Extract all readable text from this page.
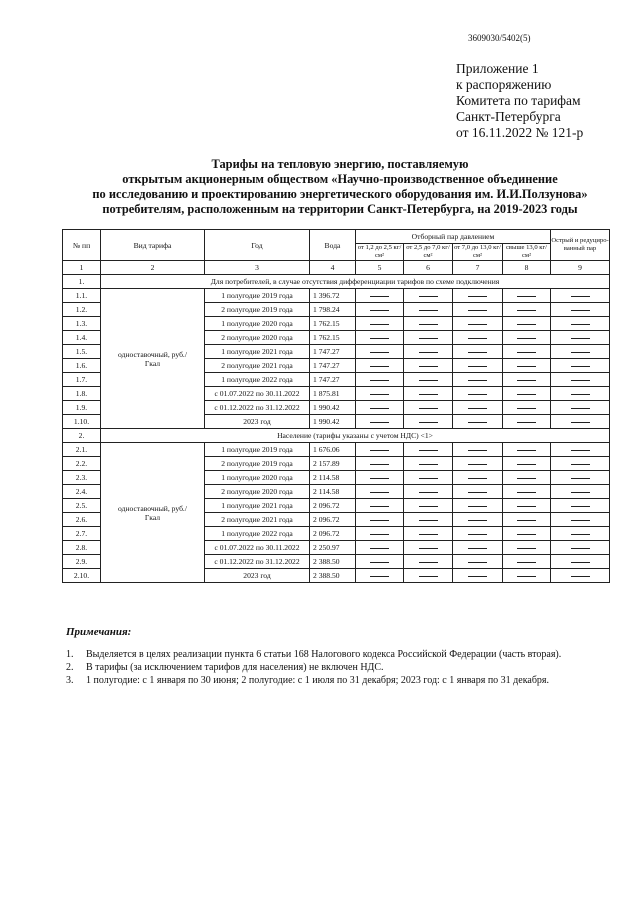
3609030/5402(5)
Приложение 1
к распоряжению
Комитета по тарифам
Санкт-Петербурга
от 16.11.2022 № 121-р
Тарифы на тепловую энергию, поставляемую
открытым акционерным обществом «Научно-производственное объединение
по исследованию и проектированию энергетического оборудования им. И.И.Ползунова»
потребителям, расположенным на территории Санкт-Петербурга, на 2019-2023 годы
№ пп	Вид тарифа	Год	Вода	Отборный пар давлением				Острый и редуциро-ванный пар
				от 1,2 до 2,5 кг/см²	от 2,5 до 7,0 кг/см²	от 7,0 до 13,0 кг/см²	свыше 13,0 кг/см²	
1	2	3	4	5	6	7	8	9
1.	Для потребителей, в случае отсутствия дифференциации тарифов по схеме подключения							
1.1.	одноставочный, руб./Гкал	1 полугодие 2019 года	1 396.72					
1.2.		2 полугодие 2019 года	1 798.24					
1.3.		1 полугодие 2020 года	1 762.15					
1.4.		2 полугодие 2020 года	1 762.15					
1.5.		1 полугодие 2021 года	1 747.27					
1.6.		2 полугодие 2021 года	1 747.27					
1.7.		1 полугодие 2022 года	1 747.27					
1.8.		с 01.07.2022 по 30.11.2022	1 875.81					
1.9.		с 01.12.2022 по 31.12.2022	1 990.42					
1.10.		2023 год	1 990.42					
2.	Население (тарифы указаны с учетом НДС) <1>							
2.1.	одноставочный, руб./Гкал	1 полугодие 2019 года	1 676.06					
2.2.		2 полугодие 2019 года	2 157.89					
2.3.		1 полугодие 2020 года	2 114.58					
2.4.		2 полугодие 2020 года	2 114.58					
2.5.		1 полугодие 2021 года	2 096.72					
2.6.		2 полугодие 2021 года	2 096.72					
2.7.		1 полугодие 2022 года	2 096.72					
2.8.		с 01.07.2022 по 30.11.2022	2 250.97					
2.9.		с 01.12.2022 по 31.12.2022	2 388.50					
2.10.		2023 год	2 388.50					
Примечания:
1. Выделяется в целях реализации пункта 6 статьи 168 Налогового кодекса Российской Федерации (часть вторая).
2. В тарифы (за исключением тарифов для населения) не включен НДС.
3. 1 полугодие: с 1 января по 30 июня; 2 полугодие: с 1 июля по 31 декабря; 2023 год: с 1 января по 31 декабря.
